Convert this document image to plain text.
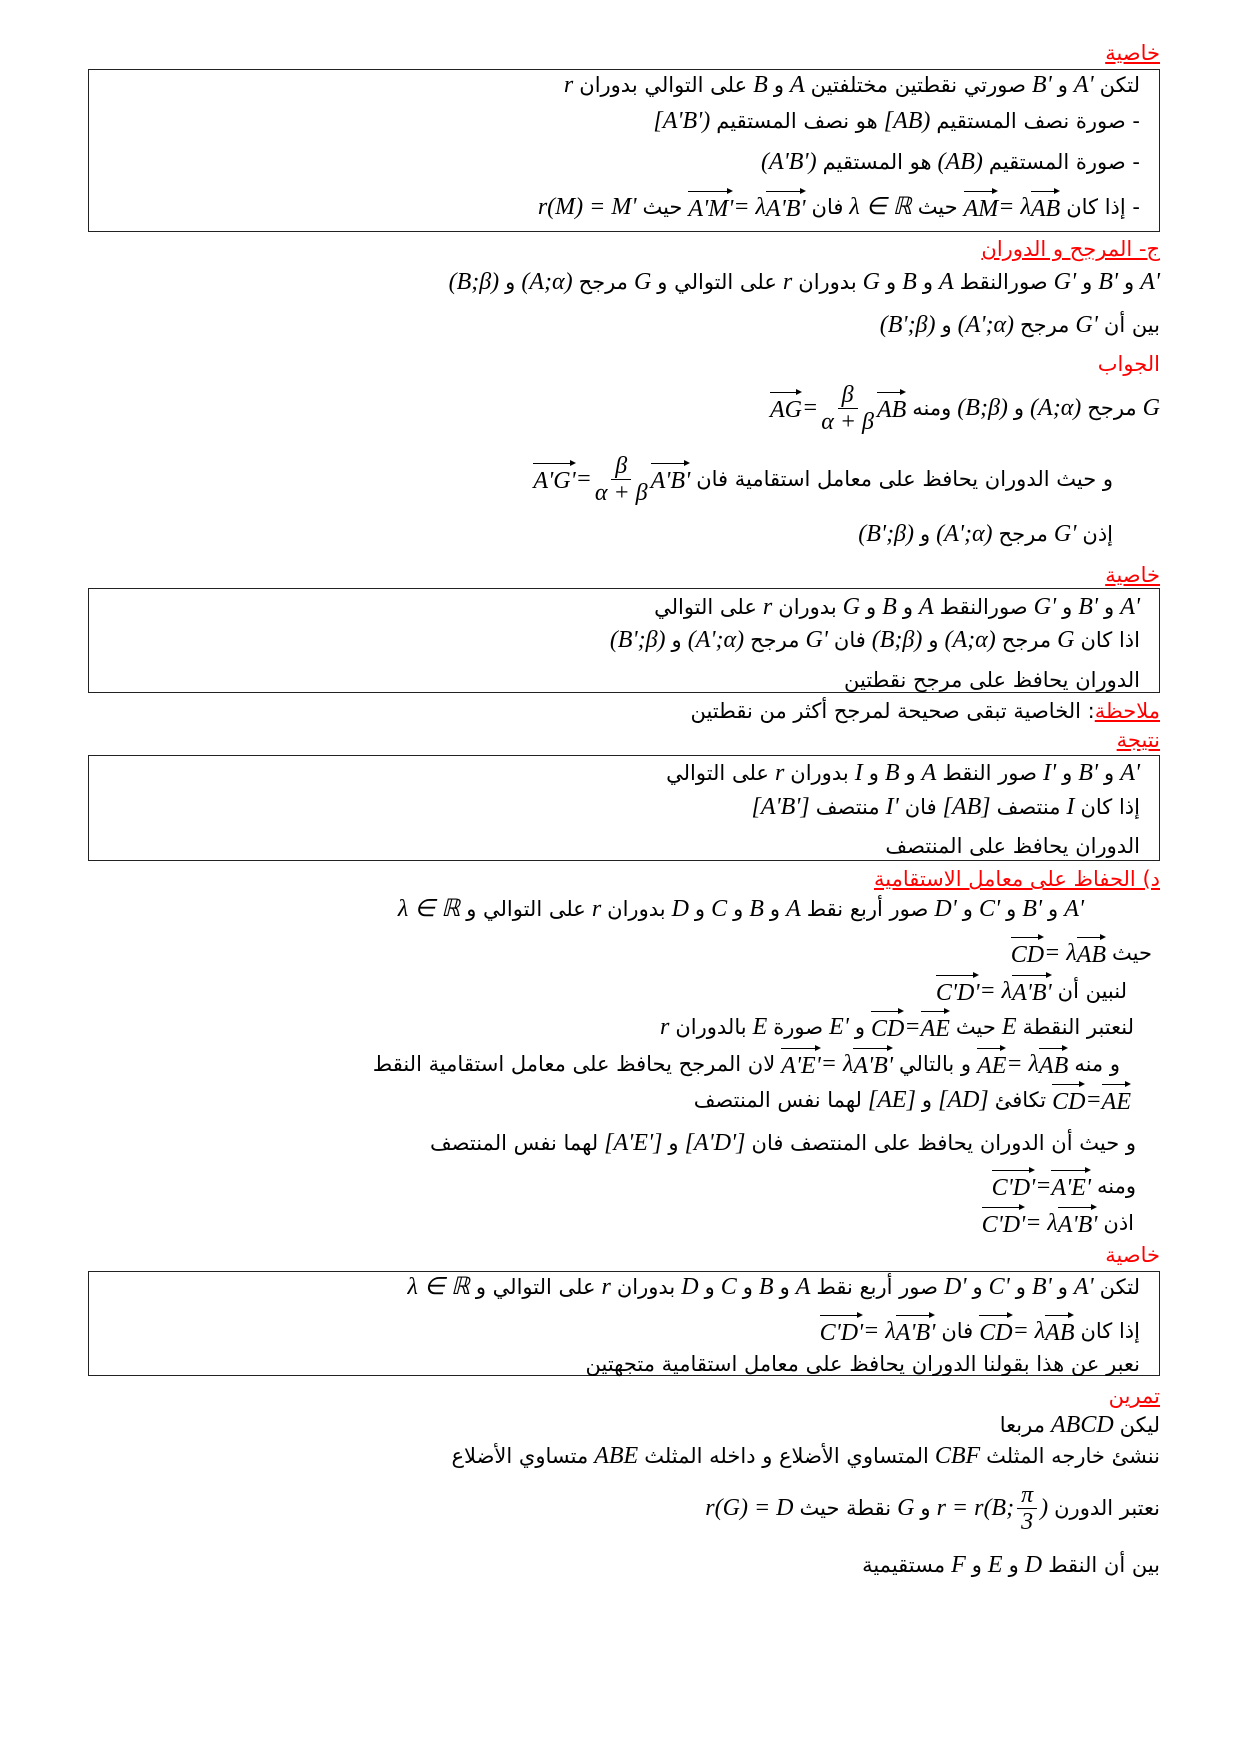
خاصية
لتكن
A'
و
B'
صورتي نقطتين مختلفتين
A
و
B
على التوالي بدوران
r
- صورة نصف المستقيم
[AB)
هو نصف المستقيم
[A'B')
- صورة المستقيم
(AB)
هو المستقيم
(A'B')
- إذا كان
AM = λ AB
حيث
λ ∈ ℝ
فان
A'M' = λ A'B'
حيث
r(M) = M'
ج- المرجح و الدوران
A'
و
B'
و
G'
صورالنقط
A
و
B
و
G
بدوران
r
على التوالي و
G
مرجح
(A;α)
و
(B;β)
بين أن
G'
مرجح
(A';α)
و
(B';β)
الجواب
G
مرجح
(A;α)
و
(B;β)
ومنه
AG = $\frac{\beta}{\alpha + \beta}$ AB
و حيث الدوران يحافظ على معامل استقامية فان
$A'G' = \frac{\beta}{\alpha + \beta} A'B'$
إذن
G'
مرجح
(A';α)
و
(B';β)
خاصية
A'
و
B'
و
G'
صورالنقط
A
و
B
و
G
بدوران
r
على التوالي
اذا كان
G
مرجح
(A;α)
و
(B;β)
فان
G'
مرجح
(A';α)
و
(B';β)
الدوران يحافظ على مرجح نقطتين
ملاحظة
: الخاصية تبقى صحيحة لمرجح أكثر من نقطتين
نتيجة
A'
و
B'
و
I'
صور النقط
A
و
B
و
I
بدوران
r
على التوالي
إذا كان
I
منتصف
[AB]
فان
I'
منتصف
[A'B']
الدوران يحافظ على المنتصف
د) الحفاظ على معامل الاستقامية
A'
و
B'
و
C'
و
D'
صور أربع نقط
A
و
B
و
C
و
D
بدوران
r
على التوالي و
λ ∈ ℝ
حيث
CD = λ AB
لنبين أن
C'D' = λ A'B'
لنعتبر النقطة
E
حيث
CD = AE
و
E'
صورة
E
بالدوران
r
و منه
AE = λ AB
و بالتالي
A'E' = λ A'B'
لان المرجح يحافظ على معامل استقامية النقط
CD = AE
تكافئ
[AD]
و
[AE]
لهما نفس المنتصف
و حيث أن الدوران يحافظ على المنتصف فان
[A'D']
و
[A'E']
لهما نفس المنتصف
ومنه
C'D' = A'E'
اذن
C'D' = λ A'B'
خاصية
لتكن
A'
و
B'
و
C'
و
D'
صور أربع نقط
A
و
B
و
C
و
D
بدوران
r
على التوالي و
λ ∈ ℝ
إذا كان
CD = λ AB
فان
C'D' = λ A'B'
نعبر عن هذا بقولنا الدوران يحافظ على معامل استقامية متجهتين
تمرين
ليكن
ABCD
مربعا
ننشئ خارجه المثلث
CBF
المتساوي الأضلاع و داخله المثلث
ABE
متساوي الأضلاع
نعتبر الدورن
r = r(B; $\frac{\pi}{3}$ )
و
G
نقطة حيث
r(G) = D
بين أن النقط
D
و
E
و
F
مستقيمية
